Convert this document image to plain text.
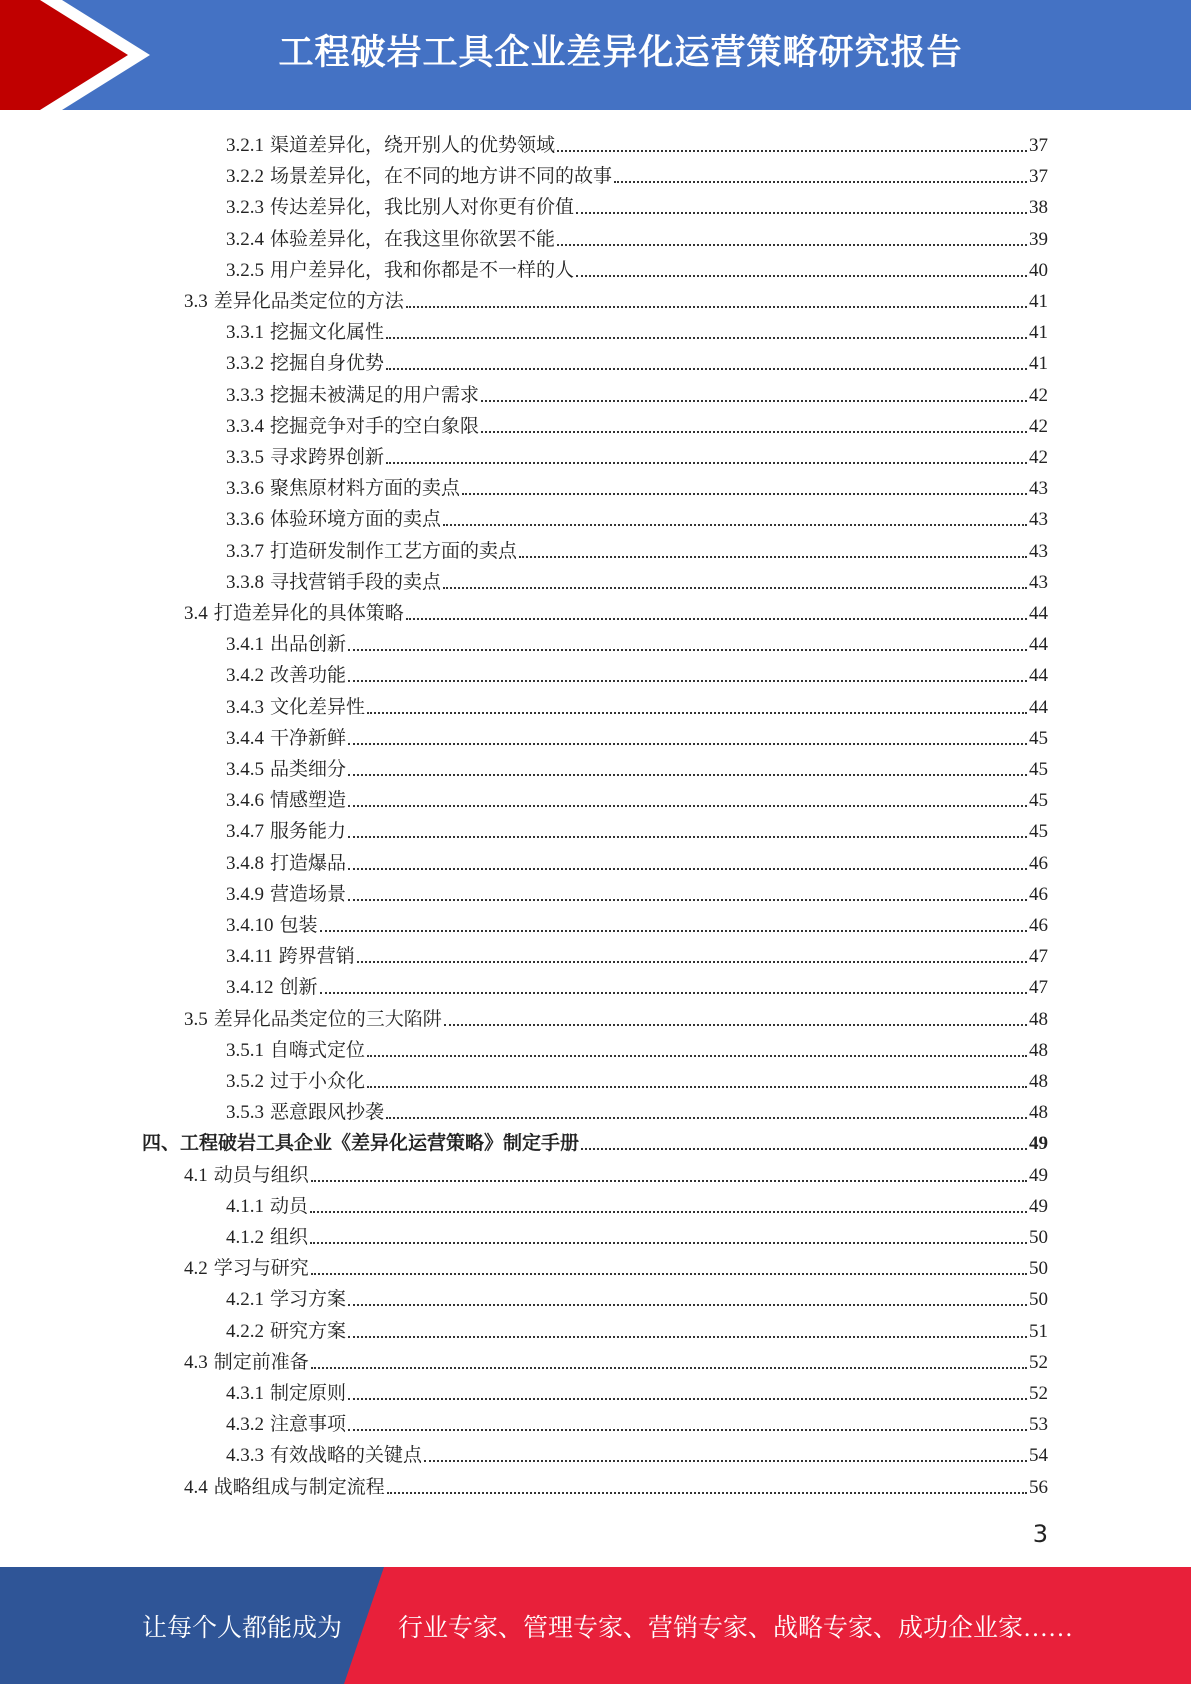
工程破岩工具企业差异化运营策略研究报告
3.2.1 渠道差异化，绕开别人的优势领域	37
3.2.2 场景差异化，在不同的地方讲不同的故事	37
3.2.3 传达差异化，我比别人对你更有价值	38
3.2.4 体验差异化，在我这里你欲罢不能	39
3.2.5 用户差异化，我和你都是不一样的人	40
3.3 差异化品类定位的方法	41
3.3.1 挖掘文化属性	41
3.3.2 挖掘自身优势	41
3.3.3 挖掘未被满足的用户需求	42
3.3.4 挖掘竞争对手的空白象限	42
3.3.5 寻求跨界创新	42
3.3.6 聚焦原材料方面的卖点	43
3.3.6 体验环境方面的卖点	43
3.3.7 打造研发制作工艺方面的卖点	43
3.3.8 寻找营销手段的卖点	43
3.4 打造差异化的具体策略	44
3.4.1 出品创新	44
3.4.2 改善功能	44
3.4.3 文化差异性	44
3.4.4 干净新鲜	45
3.4.5 品类细分	45
3.4.6 情感塑造	45
3.4.7 服务能力	45
3.4.8 打造爆品	46
3.4.9 营造场景	46
3.4.10 包装	46
3.4.11 跨界营销	47
3.4.12 创新	47
3.5 差异化品类定位的三大陷阱	48
3.5.1 自嗨式定位	48
3.5.2 过于小众化	48
3.5.3 恶意跟风抄袭	48
四、 工程破岩工具企业《差异化运营策略》制定手册	49
4.1 动员与组织	49
4.1.1 动员	49
4.1.2 组织	50
4.2 学习与研究	50
4.2.1 学习方案	50
4.2.2 研究方案	51
4.3 制定前准备	52
4.3.1 制定原则	52
4.3.2 注意事项	53
4.3.3 有效战略的关键点	54
4.4 战略组成与制定流程	56
3
让每个人都能成为 行业专家、管理专家、营销专家、战略专家、成功企业家……
